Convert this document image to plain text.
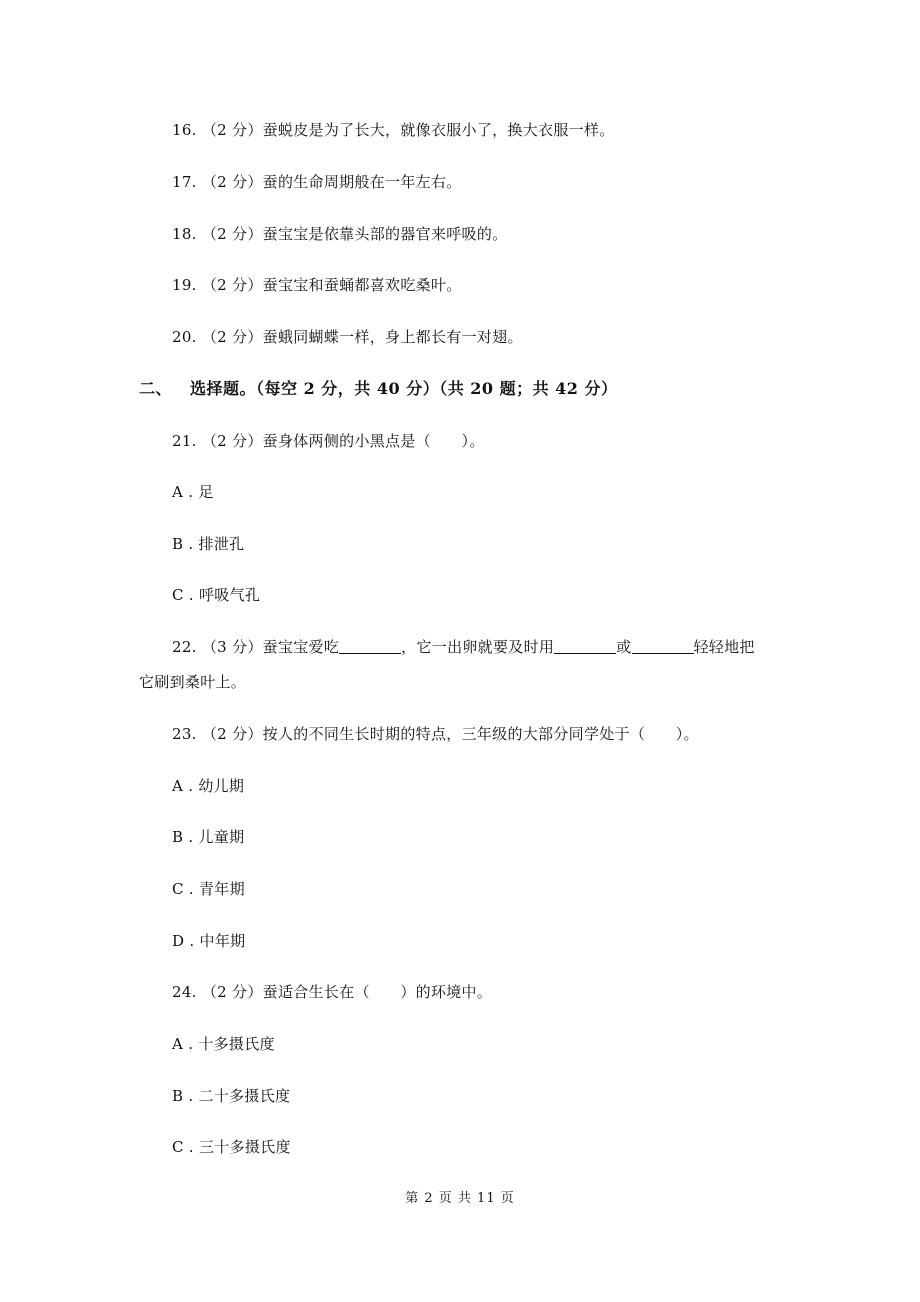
16. （2 分）蚕蜕皮是为了长大，就像衣服小了，换大衣服一样。
17. （2 分）蚕的生命周期般在一年左右。
18. （2 分）蚕宝宝是依靠头部的器官来呼吸的。
19. （2 分）蚕宝宝和蚕蛹都喜欢吃桑叶。
20. （2 分）蚕蛾同蝴蝶一样，身上都长有一对翅。
二、 选择题。（每空 2 分，共 40 分）（共 20 题；共 42 分）
21. （2 分）蚕身体两侧的小黑点是（　　）。
A . 足
B . 排泄孔
C . 呼吸气孔
22. （3 分）蚕宝宝爱吃	，它一出卵就要及时用	或	轻轻地把
它刷到桑叶上。
23. （2 分）按人的不同生长时期的特点，三年级的大部分同学处于（　　）。
A . 幼儿期
B . 儿童期
C . 青年期
D . 中年期
24. （2 分）蚕适合生长在（　　）的环境中。
A . 十多摄氏度
B . 二十多摄氏度
C . 三十多摄氏度
第 2 页 共 11 页
